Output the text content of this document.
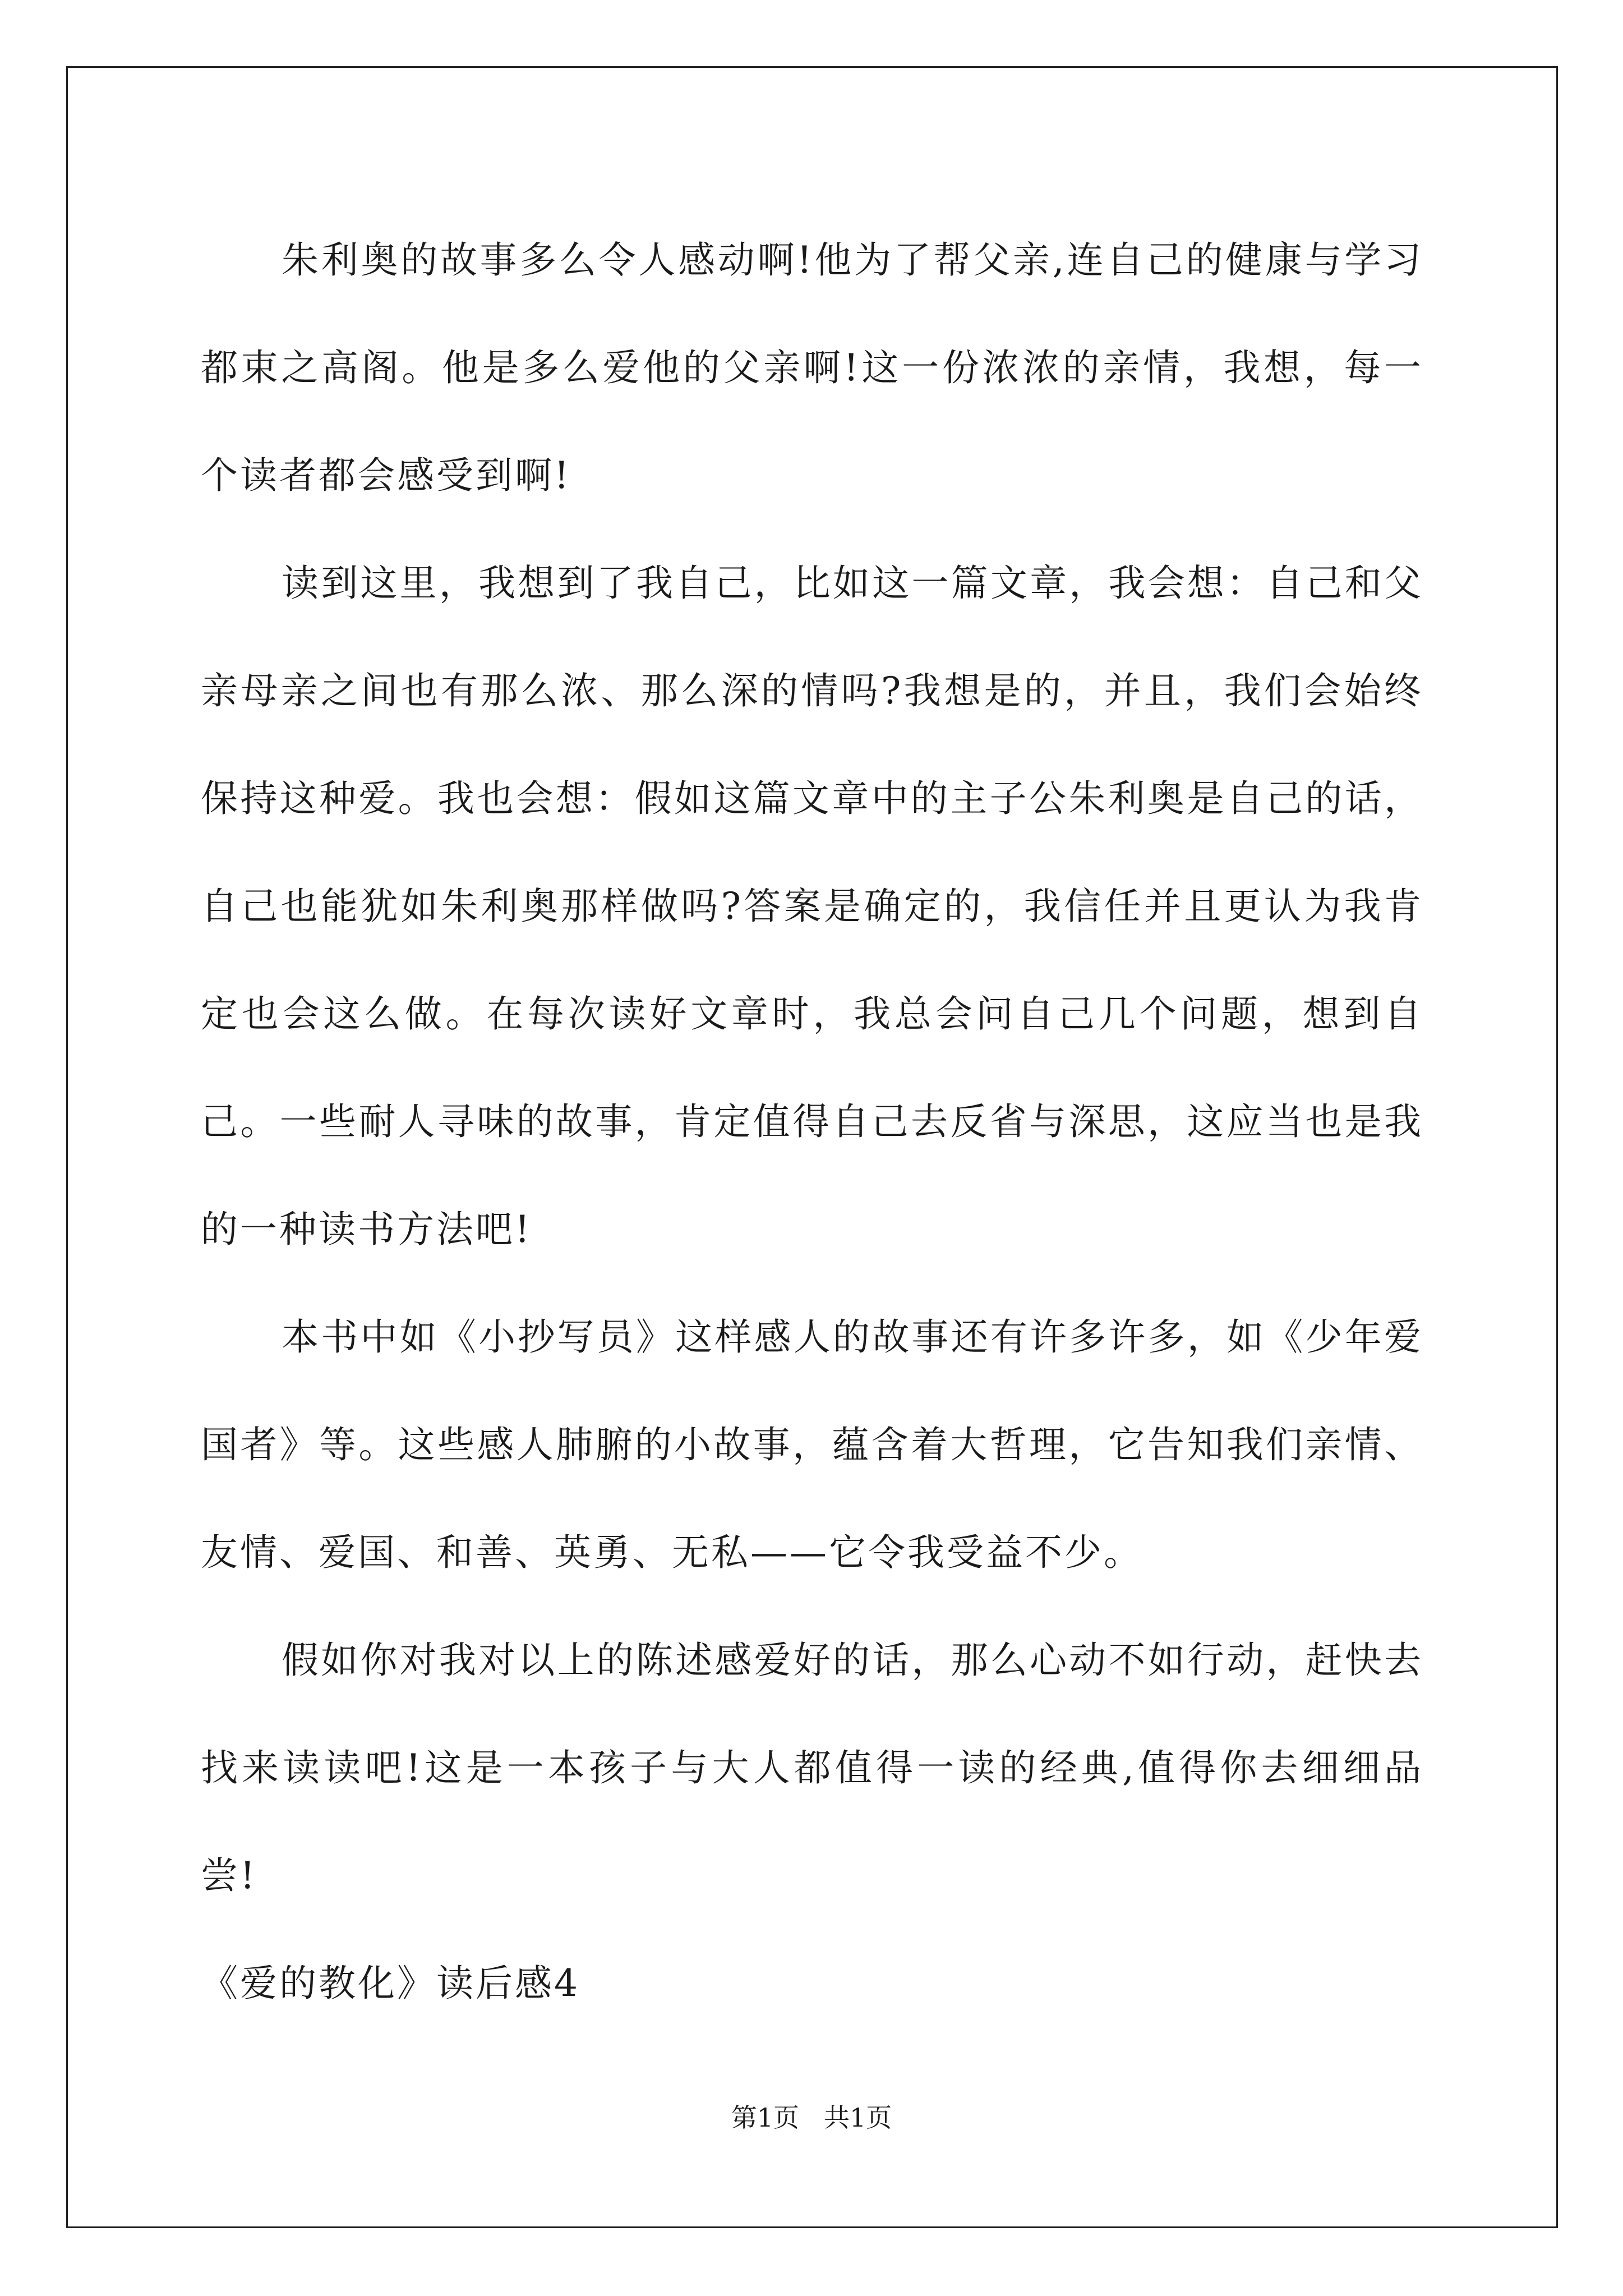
朱利奥的故事多么令人感动啊!他为了帮父亲,连自己的健康与学习都束之高阁。他是多么爱他的父亲啊!这一份浓浓的亲情，我想，每一个读者都会感受到啊!

读到这里，我想到了我自己，比如这一篇文章，我会想：自己和父亲母亲之间也有那么浓、那么深的情吗?我想是的，并且，我们会始终保持这种爱。我也会想：假如这篇文章中的主子公朱利奥是自己的话，自己也能犹如朱利奥那样做吗?答案是确定的，我信任并且更认为我肯定也会这么做。在每次读好文章时，我总会问自己几个问题，想到自己。一些耐人寻味的故事，肯定值得自己去反省与深思，这应当也是我的一种读书方法吧!

本书中如《小抄写员》这样感人的故事还有许多许多，如《少年爱国者》等。这些感人肺腑的小故事，蕴含着大哲理，它告知我们亲情、友情、爱国、和善、英勇、无私——它令我受益不少。

假如你对我对以上的陈述感爱好的话，那么心动不如行动，赶快去找来读读吧!这是一本孩子与大人都值得一读的经典,值得你去细细品尝!

《爱的教化》读后感4

第1页 共1页
